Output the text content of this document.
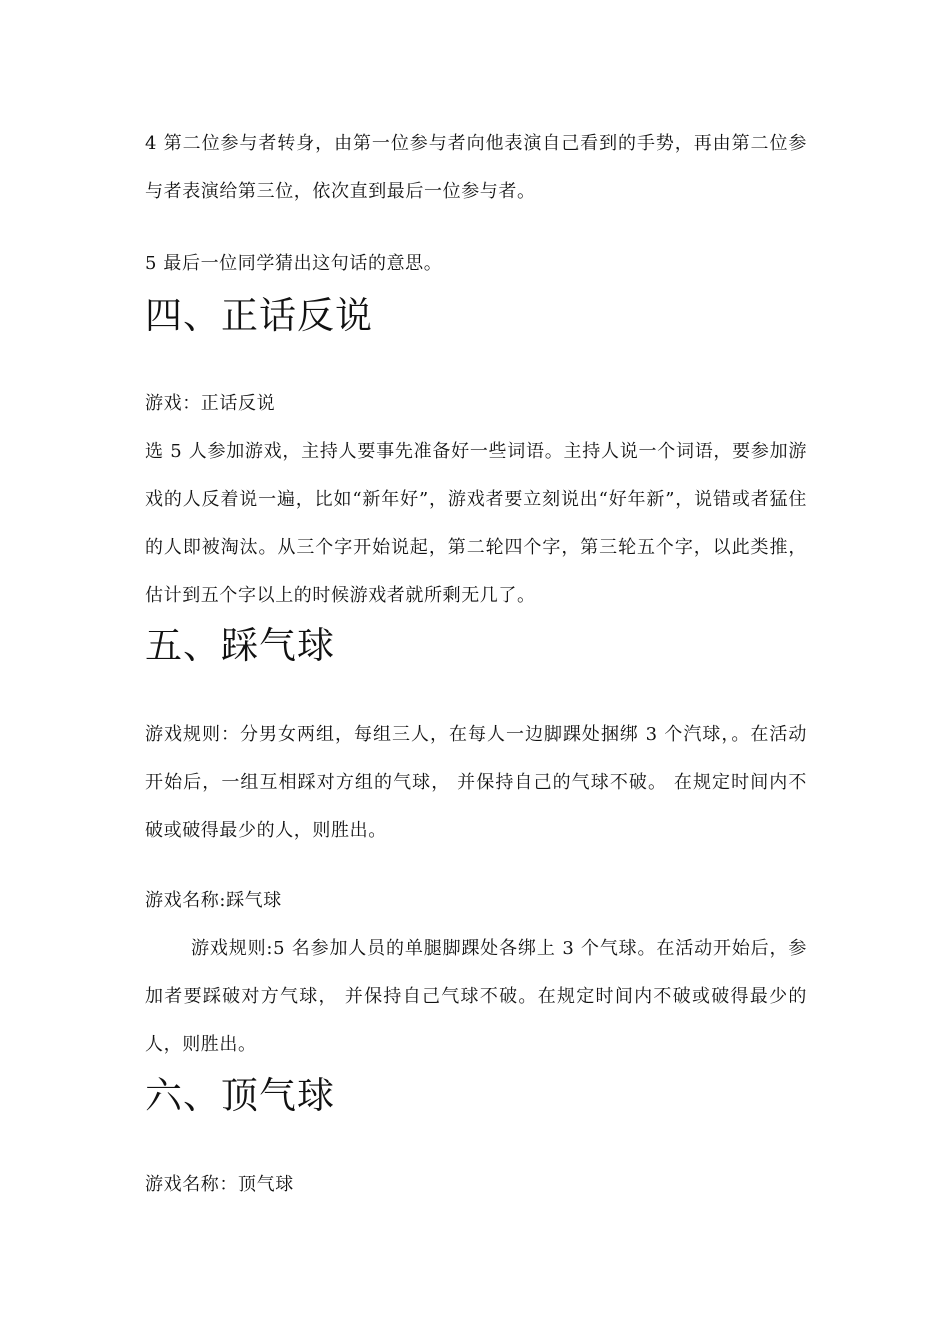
4 第二位参与者转身，由第一位参与者向他表演自己看到的手势，再由第二位参与者表演给第三位，依次直到最后一位参与者。

5 最后一位同学猜出这句话的意思。

四、正话反说

游戏：正话反说

选 5 人参加游戏，主持人要事先准备好一些词语。主持人说一个词语，要参加游戏的人反着说一遍，比如“新年好”，游戏者要立刻说出“好年新”，说错或者猛住的人即被淘汰。从三个字开始说起，第二轮四个字，第三轮五个字，以此类推，估计到五个字以上的时候游戏者就所剩无几了。

五、踩气球

游戏规则：分男女两组，每组三人，在每人一边脚踝处捆绑 3 个汽球，。在活动开始后，一组互相踩对方组的气球， 并保持自己的气球不破。 在规定时间内不破或破得最少的人，则胜出。

游戏名称:踩气球

游戏规则:5 名参加人员的单腿脚踝处各绑上 3 个气球。在活动开始后，参加者要踩破对方气球， 并保持自己气球不破。在规定时间内不破或破得最少的人，则胜出。

六、顶气球

游戏名称：顶气球
